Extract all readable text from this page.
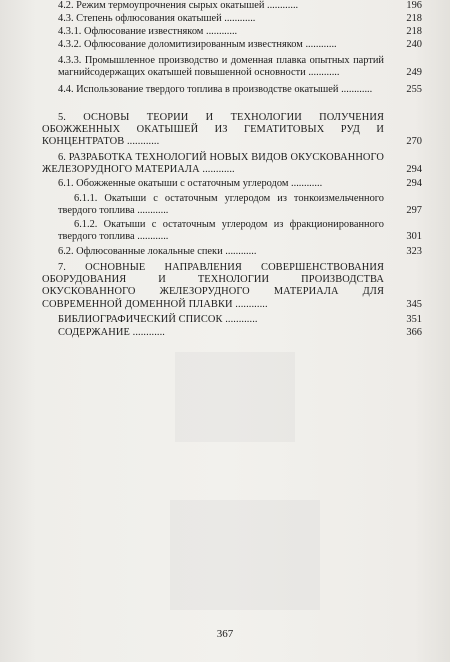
4.2. Режим термоупрочнения сырых окатышей ............	196
4.3. Степень офлюсования окатышей ............	218
4.3.1. Офлюсование известняком ............	218
4.3.2. Офлюсование доломитизированным известняком ............	240
4.3.3. Промышленное производство и доменная плавка опытных партий магнийсодержащих окатышей повышенной основности ............	249
4.4. Использование твердого топлива в производстве окатышей ............	255
5. ОСНОВЫ ТЕОРИИ И ТЕХНОЛОГИИ ПОЛУЧЕНИЯ ОБОЖЖЕННЫХ ОКАТЫШЕЙ ИЗ ГЕМАТИТОВЫХ РУД И КОНЦЕНТРАТОВ ............	270
6. РАЗРАБОТКА ТЕХНОЛОГИЙ НОВЫХ ВИДОВ ОКУСКОВАННОГО ЖЕЛЕЗОРУДНОГО МАТЕРИАЛА ............	294
6.1. Обожженные окатыши с остаточным углеродом ............	294
6.1.1. Окатыши с остаточным углеродом из тонкоизмельченного твердого топлива ............	297
6.1.2. Окатыши с остаточным углеродом из фракционированного твердого топлива ............	301
6.2. Офлюсованные локальные спеки ............	323
7. ОСНОВНЫЕ НАПРАВЛЕНИЯ СОВЕРШЕНСТВОВАНИЯ ОБОРУДОВАНИЯ И ТЕХНОЛОГИИ ПРОИЗВОДСТВА ОКУСКОВАННОГО ЖЕЛЕЗОРУДНОГО МАТЕРИАЛА ДЛЯ СОВРЕМЕННОЙ ДОМЕННОЙ ПЛАВКИ ............	345
БИБЛИОГРАФИЧЕСКИЙ СПИСОК ............	351
СОДЕРЖАНИЕ ............	366
367
